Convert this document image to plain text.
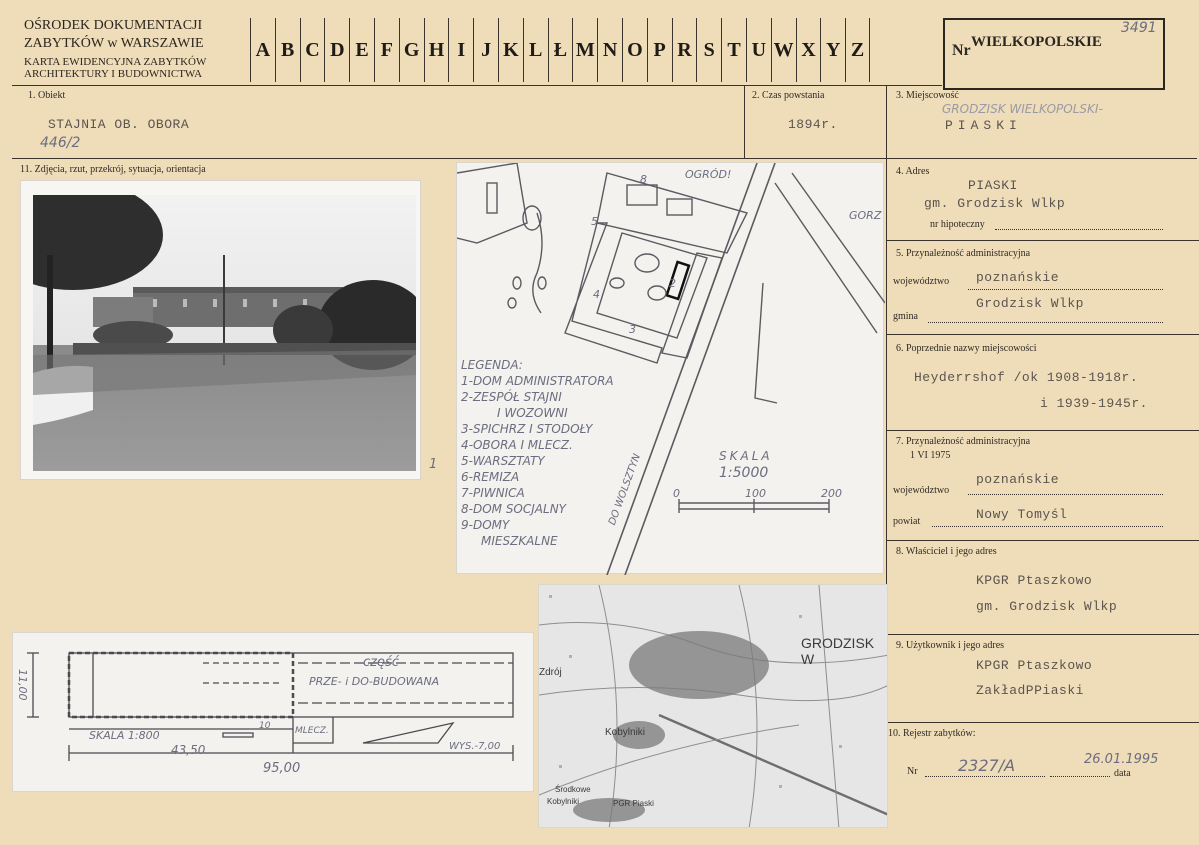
OŚRODEK DOKUMENTACJI
ZABYTKÓW w WARSZAWIE
KARTA EWIDENCYJNA ZABYTKÓW
ARCHITEKTURY I BUDOWNICTWA
A B C D E F G H I J K L Ł M N O P R S T U W X Y Z	Nr WIELKOPOLSKIE
3491
1. Obiekt
STAJNIA OB. OBORA
446/2
2. Czas powstania
1894r.
3. Miejscowość
GRODZISK WIELKOPOLSKI-
PIASKI
11. Zdjęcia, rzut, przekrój, sytuacja, orientacja	4. Adres
PIASKI
gm. Grodzisk Wlkp
nr hipoteczny
5. Przynależność administracyjna
województwo poznańskie
Grodzisk Wlkp
gmina
6. Poprzednie nazwy miejscowości
Heyderrshof /ok 1908-1918r.
i 1939-1945r.
7. Przynależność administracyjna
1 VI 1975
województwo
poznańskie
powiat	Nowy Tomyśl
8. Właściciel i jego adres
KPGR Ptaszkowo
gm. Grodzisk Wlkp
9. Użytkownik i jego adres
KPGR Ptaszkowo
ZakładPPiaski
10. Rejestr zabytków:
Nr	2327/A	26.01.1995
data
1
OGRÓD!
GORZ
2
3
4
5
8
LEGENDA:
1-DOM ADMINISTRATORA
2-ZESPÓŁ STAJNI
I WOZOWNI
3-SPICHRZ I STODOŁY
4-OBORA I MLECZ.
5-WARSZTATY
6-REMIZA
7-PIWNICA
8-DOM SOCJALNY
9-DOMY
MIESZKALNE
DO WOLSZTYN	SKALA
1:5000
0	100	200
11,00
część
PRZE- i DO-BUDOWANA
SKALA 1:800
10	MLECZ.
WYS.-7,00
43,50
95,00
GRODZISK W
Zdrój
Kobylniki
Środkowe
Kobylniki	PGR Piaski
